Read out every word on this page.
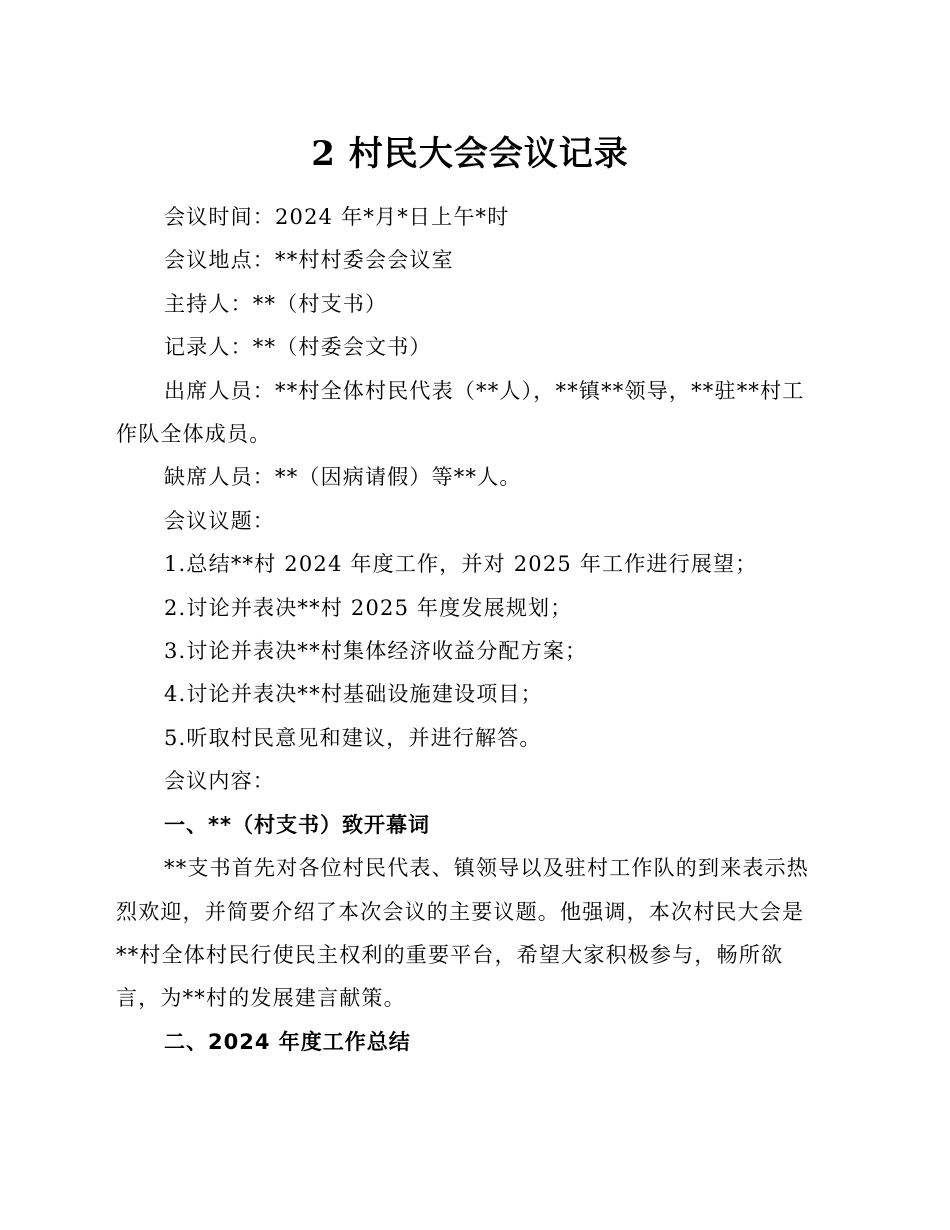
2 村民大会会议记录

会议时间：2024 年*月*日上午*时

会议地点：**村村委会会议室

主持人：**（村支书）

记录人：**（村委会文书）

出席人员：**村全体村民代表（**人），**镇**领导，**驻**村工作队全体成员。

缺席人员：**（因病请假）等**人。

会议议题：

1.总结**村 2024 年度工作，并对 2025 年工作进行展望；

2.讨论并表决**村 2025 年度发展规划；

3.讨论并表决**村集体经济收益分配方案；

4.讨论并表决**村基础设施建设项目；

5.听取村民意见和建议，并进行解答。

会议内容：

一、**（村支书）致开幕词

**支书首先对各位村民代表、镇领导以及驻村工作队的到来表示热烈欢迎，并简要介绍了本次会议的主要议题。他强调，本次村民大会是**村全体村民行使民主权利的重要平台，希望大家积极参与，畅所欲言，为**村的发展建言献策。

二、2024 年度工作总结
